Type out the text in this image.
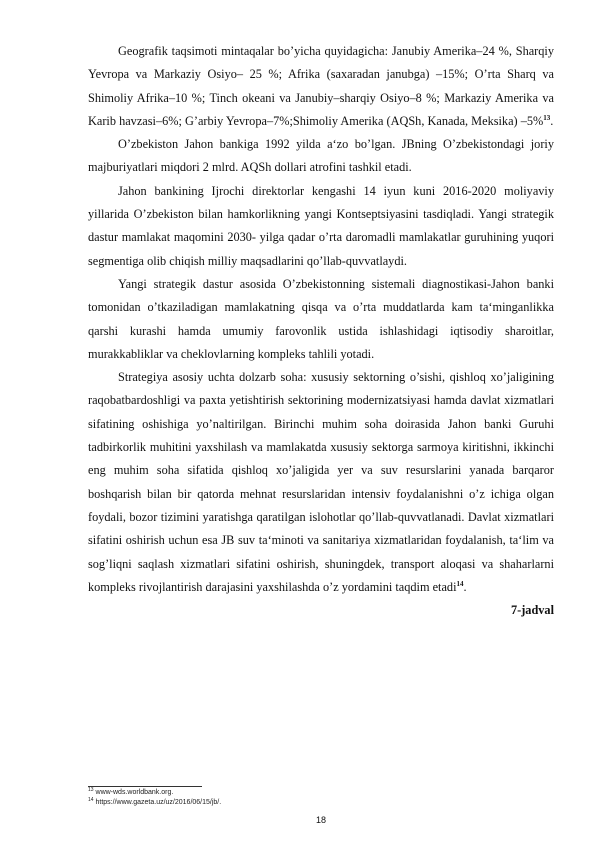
Geografik taqsimoti mintaqalar bo’yicha quyidagicha: Janubiy Amerika–24 %, Sharqiy Yevropa va Markaziy Osiyo– 25 %; Afrika (saxaradan janubga) –15%; O’rta Sharq va Shimoliy Afrika–10 %; Tinch okeani va Janubiy–sharqiy Osiyo–8 %; Markaziy Amerika va Karib havzasi–6%; G’arbiy Yevropa–7%;Shimoliy Amerika (AQSh, Kanada, Meksika) –5%$^{13}$.

O’zbekiston Jahon bankiga 1992 yilda a‘zo bo’lgan. JBning O’zbekistondagi joriy majburiyatlari miqdori 2 mlrd. AQSh dollari atrofini tashkil etadi.

Jahon bankining Ijrochi direktorlar kengashi 14 iyun kuni 2016-2020 moliyaviy yillarida O’zbekiston bilan hamkorlikning yangi Kontseptsiyasini tasdiqladi. Yangi strategik dastur mamlakat maqomini 2030- yilga qadar o’rta daromadli mamlakatlar guruhining yuqori segmentiga olib chiqish milliy maqsadlarini qo’llab-quvvatlaydi.

Yangi strategik dastur asosida O’zbekistonning sistemali diagnostikasi-Jahon banki tomonidan o’tkaziladigan mamlakatning qisqa va o’rta muddatlarda kam ta‘minganlikka qarshi kurashi hamda umumiy farovonlik ustida ishlashidagi iqtisodiy sharoitlar, murakkabliklar va cheklovlarning kompleks tahlili yotadi.

Strategiya asosiy uchta dolzarb soha: xususiy sektorning o’sishi, qishloq xo’jaligining raqobatbardoshligi va paxta yetishtirish sektorining modernizatsiyasi hamda davlat xizmatlari sifatining oshishiga yo’naltirilgan. Birinchi muhim soha doirasida Jahon banki Guruhi tadbirkorlik muhitini yaxshilash va mamlakatda xususiy sektorga sarmoya kiritishni, ikkinchi eng muhim soha sifatida qishloq xo’jaligida yer va suv resurslarini yanada barqaror boshqarish bilan bir qatorda mehnat resurslaridan intensiv foydalanishni o’z ichiga olgan foydali, bozor tizimini yaratishga qaratilgan islohotlar qo’llab-quvvatlanadi. Davlat xizmatlari sifatini oshirish uchun esa JB suv ta‘minoti va sanitariya xizmatlaridan foydalanish, ta‘lim va sog’liqni saqlash xizmatlari sifatini oshirish, shuningdek, transport aloqasi va shaharlarni kompleks rivojlantirish darajasini yaxshilashda o’z yordamini taqdim etadi$^{14}$.

7-jadval

$^{13}$ www-wds.worldbank.org.
$^{14}$ https://www.gazeta.uz/uz/2016/06/15/jb/.
18
